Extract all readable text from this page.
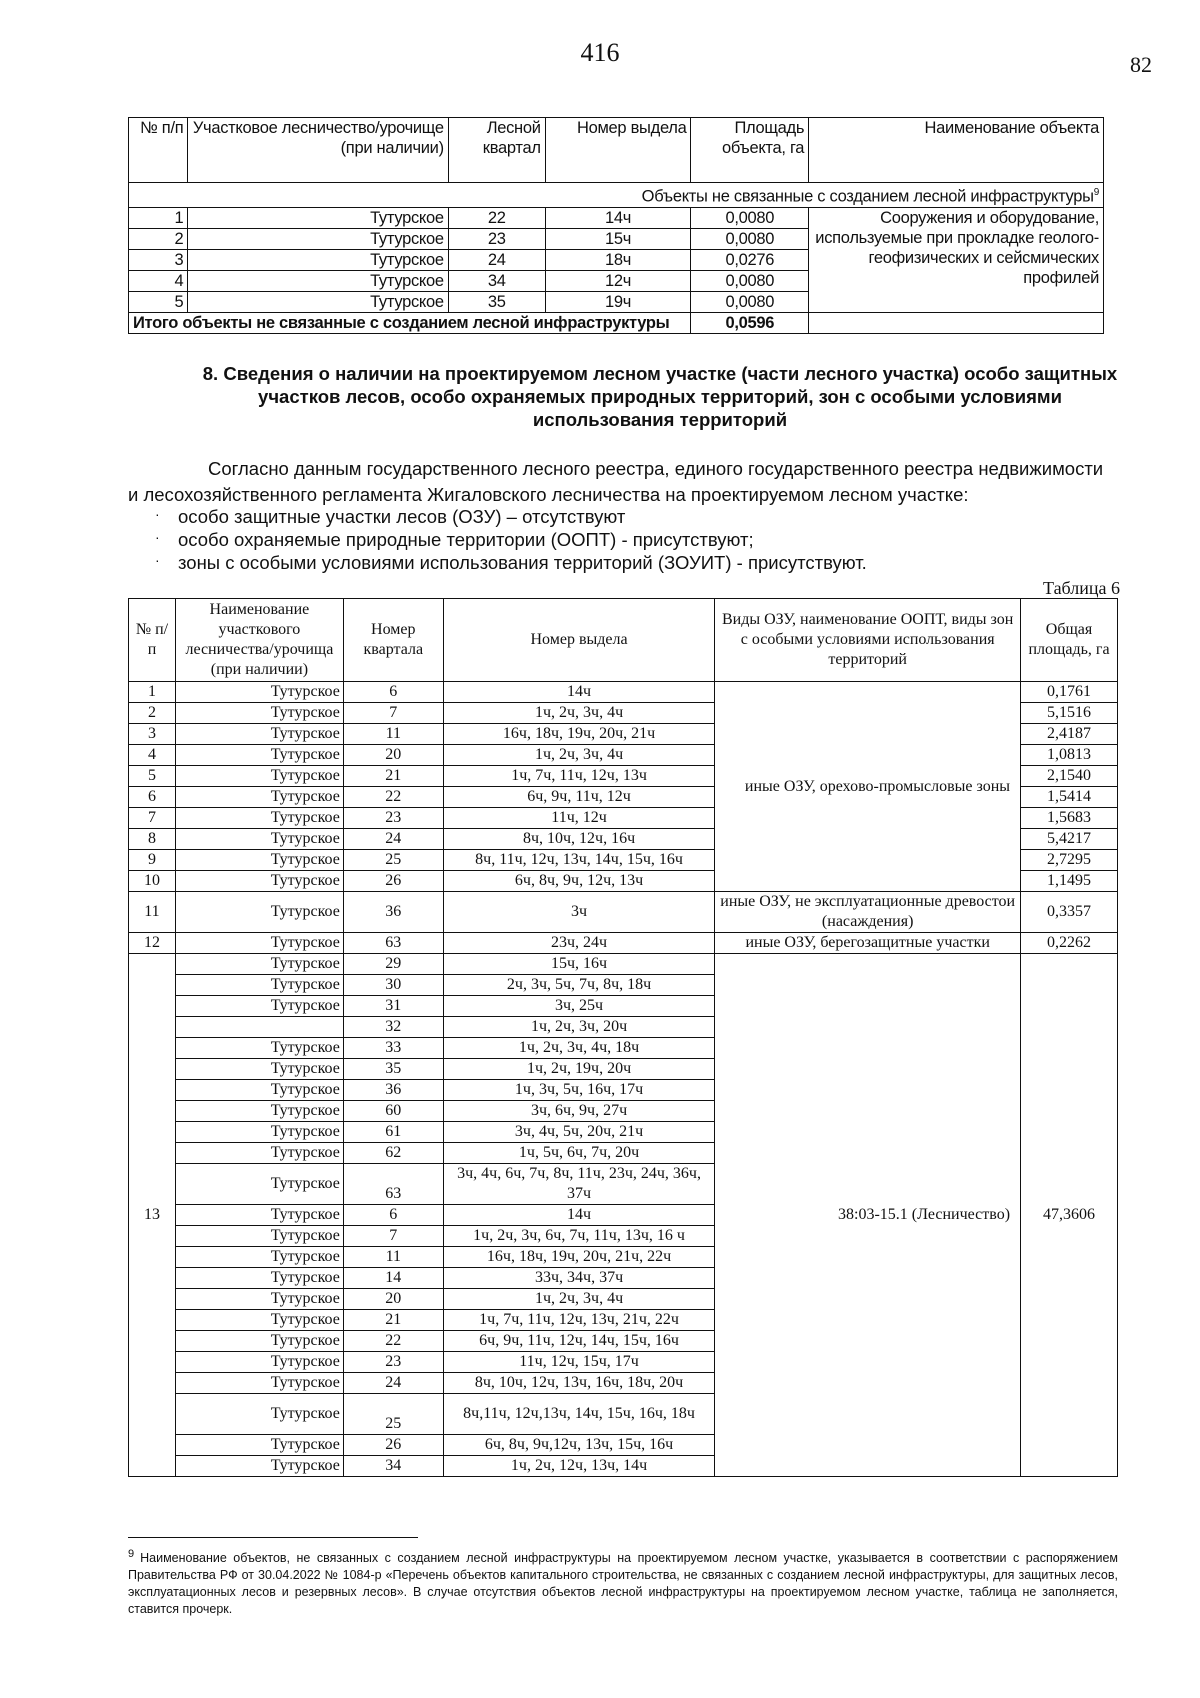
416	82
№ п/п	Участковое лесничество/урочище (при наличии)	Лесной квартал	Номер выдела	Площадь объекта, га	Наименование объекта
Объекты не связанные с созданием лесной инфраструктуры$^9$
1	Тутурское	22	14ч	0,0080	Сооружения и оборудование, используемые при прокладке геолого-геофизических и сейсмических профилей
2	Тутурское	23	15ч	0,0080	
3	Тутурское	24	18ч	0,0276	
4	Тутурское	34	12ч	0,0080	
5	Тутурское	35	19ч	0,0080	
Итого объекты не связанные с созданием лесной инфраструктуры				0,0596	
8. Сведения о наличии на проектируемом лесном участке (части лесного участка) особо защитных участков лесов, особо охраняемых природных территорий, зон с особыми условиями использования территорий
Согласно данным государственного лесного реестра, единого государственного реестра недвижимости и лесохозяйственного регламента Жигаловского лесничества на проектируемом лесном участке:
· особо защитные участки лесов (ОЗУ) – отсутствуют
· особо охраняемые природные территории (ООПТ) - присутствуют;
· зоны с особыми условиями использования территорий (ЗОУИТ) - присутствуют.
Таблица 6
№ п/п	Наименование участкового лесничества/урочища (при наличии)	Номер квартала	Номер выдела	Виды ОЗУ, наименование ООПТ, виды зон с особыми условиями использования территорий	Общая площадь, га
1	Тутурское	6	14ч	иные ОЗУ, орехово-промысловые зоны	0,1761
2	Тутурское	7	1ч, 2ч, 3ч, 4ч		5,1516
3	Тутурское	11	16ч, 18ч, 19ч, 20ч, 21ч		2,4187
4	Тутурское	20	1ч, 2ч, 3ч, 4ч		1,0813
5	Тутурское	21	1ч, 7ч, 11ч, 12ч, 13ч		2,1540
6	Тутурское	22	6ч, 9ч, 11ч, 12ч		1,5414
7	Тутурское	23	11ч, 12ч		1,5683
8	Тутурское	24	8ч, 10ч, 12ч, 16ч		5,4217
9	Тутурское	25	8ч, 11ч, 12ч, 13ч, 14ч, 15ч, 16ч		2,7295
10	Тутурское	26	6ч, 8ч, 9ч, 12ч, 13ч		1,1495
11	Тутурское	36	3ч	иные ОЗУ, не эксплуатационные древостои (насаждения)	0,3357
12	Тутурское	63	23ч, 24ч	иные ОЗУ, берегозащитные участки	0,2262
13	Тутурское	29	15ч, 16ч	38:03-15.1 (Лесничество)	47,3606
	Тутурское	30	2ч, 3ч, 5ч, 7ч, 8ч, 18ч		
	Тутурское	31	3ч, 25ч		
		32	1ч, 2ч, 3ч, 20ч		
	Тутурское	33	1ч, 2ч, 3ч, 4ч, 18ч		
	Тутурское	35	1ч, 2ч, 19ч, 20ч		
	Тутурское	36	1ч, 3ч, 5ч, 16ч, 17ч		
	Тутурское	60	3ч, 6ч, 9ч, 27ч		
	Тутурское	61	3ч, 4ч, 5ч, 20ч, 21ч		
	Тутурское	62	1ч, 5ч, 6ч, 7ч, 20ч		
	Тутурское	63	3ч, 4ч, 6ч, 7ч, 8ч, 11ч, 23ч, 24ч, 36ч, 37ч		
	Тутурское	6	14ч		
	Тутурское	7	1ч, 2ч, 3ч, 6ч, 7ч, 11ч, 13ч, 16 ч		
	Тутурское	11	16ч, 18ч, 19ч, 20ч, 21ч, 22ч		
	Тутурское	14	33ч, 34ч, 37ч		
	Тутурское	20	1ч, 2ч, 3ч, 4ч		
	Тутурское	21	1ч, 7ч, 11ч, 12ч, 13ч, 21ч, 22ч		
	Тутурское	22	6ч, 9ч, 11ч, 12ч, 14ч, 15ч, 16ч		
	Тутурское	23	11ч, 12ч, 15ч, 17ч		
	Тутурское	24	8ч, 10ч, 12ч, 13ч, 16ч, 18ч, 20ч		
	Тутурское	25	8ч,11ч, 12ч,13ч, 14ч, 15ч, 16ч, 18ч		
	Тутурское	26	6ч, 8ч, 9ч,12ч, 13ч, 15ч, 16ч		
	Тутурское	34	1ч, 2ч, 12ч, 13ч, 14ч		
9 Наименование объектов, не связанных с созданием лесной инфраструктуры на проектируемом лесном участке, указывается в соответствии с распоряжением Правительства РФ от 30.04.2022 № 1084-р «Перечень объектов капитального строительства, не связанных с созданием лесной инфраструктуры, для защитных лесов, эксплуатационных лесов и резервных лесов». В случае отсутствия объектов лесной инфраструктуры на проектируемом лесном участке, таблица не заполняется, ставится прочерк.
